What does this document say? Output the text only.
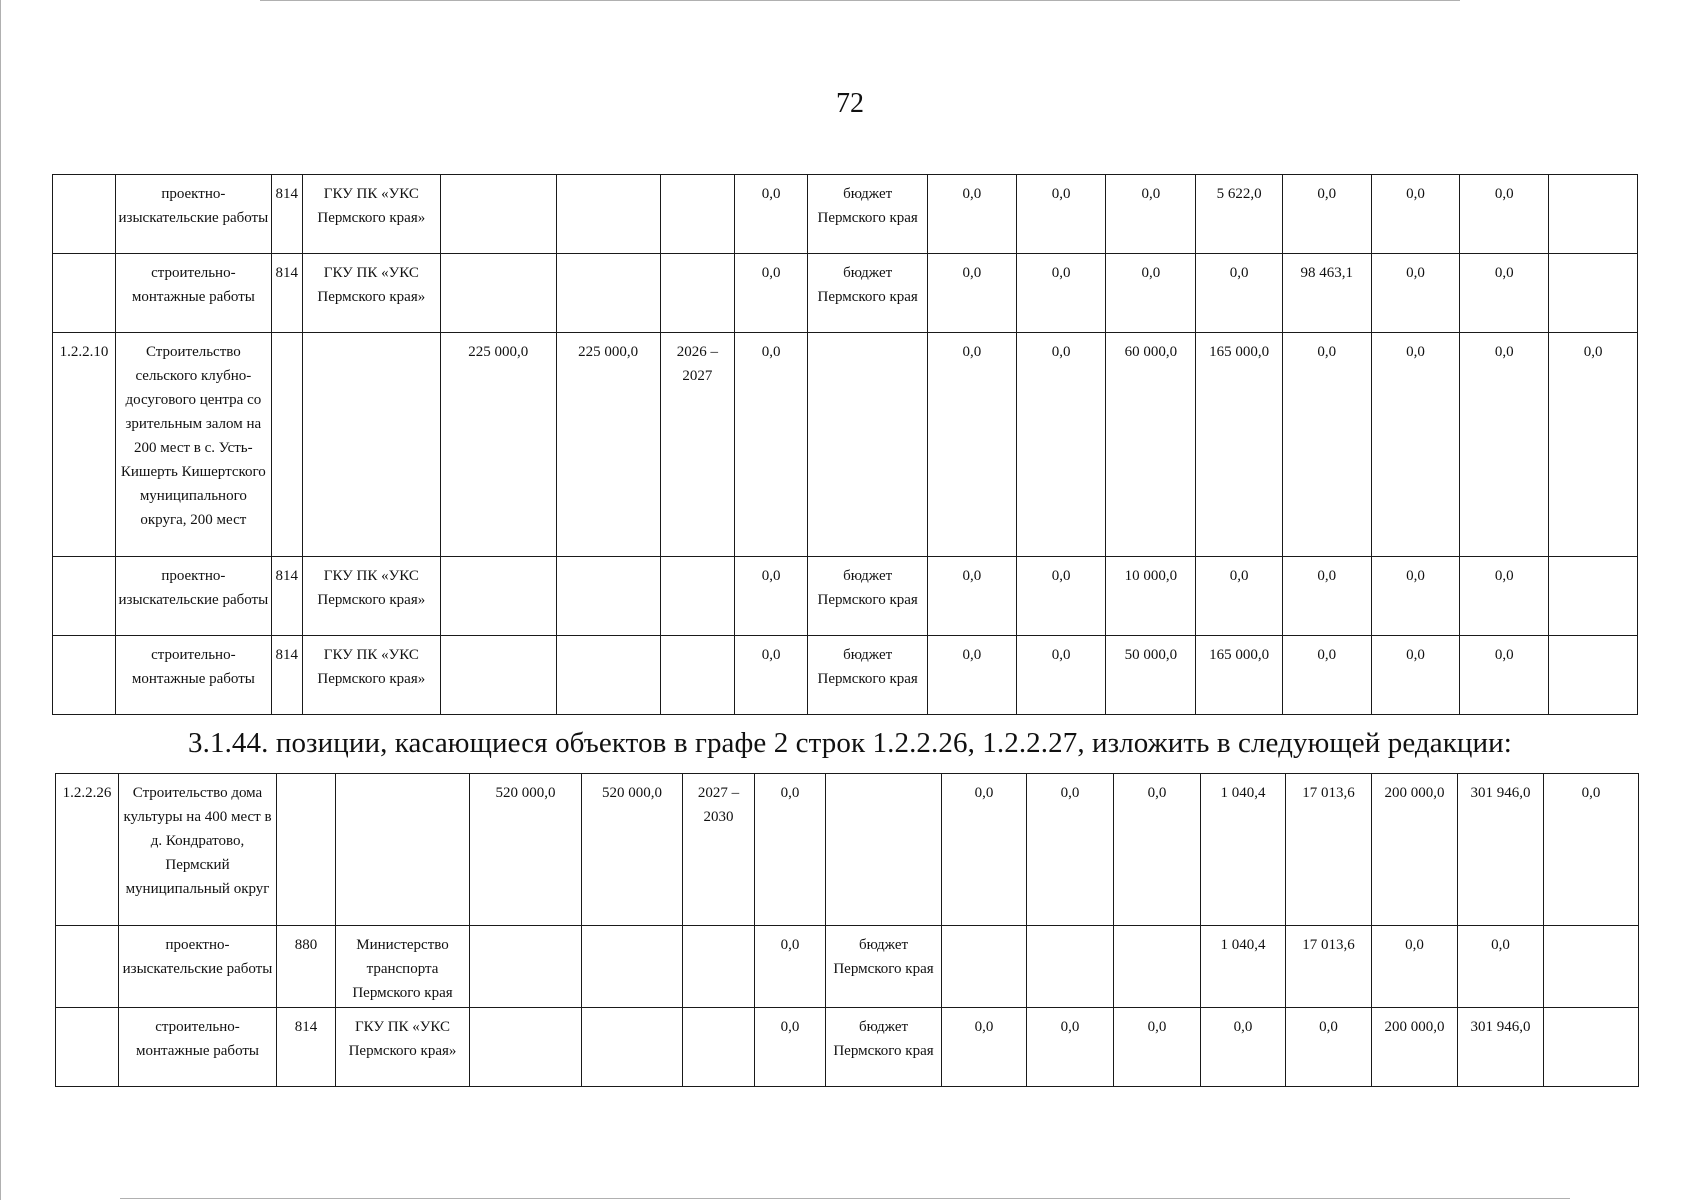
72
	проектно-изыскательские работы	814	ГКУ ПК «УКС Пермского края»				0,0	бюджет Пермского края	0,0	0,0	0,0	5 622,0	0,0	0,0	0,0	
	строительно-монтажные работы	814	ГКУ ПК «УКС Пермского края»				0,0	бюджет Пермского края	0,0	0,0	0,0	0,0	98 463,1	0,0	0,0	
1.2.2.10	Строительство сельского клубно-досугового центра со зрительным залом на 200 мест в с. Усть-Кишерть Кишертского муниципального округа, 200 мест			225 000,0	225 000,0	2026 – 2027	0,0		0,0	0,0	60 000,0	165 000,0	0,0	0,0	0,0	0,0
	проектно-изыскательские работы	814	ГКУ ПК «УКС Пермского края»				0,0	бюджет Пермского края	0,0	0,0	10 000,0	0,0	0,0	0,0	0,0	
	строительно-монтажные работы	814	ГКУ ПК «УКС Пермского края»				0,0	бюджет Пермского края	0,0	0,0	50 000,0	165 000,0	0,0	0,0	0,0	
3.1.44. позиции, касающиеся объектов в графе 2 строк 1.2.2.26, 1.2.2.27, изложить в следующей редакции:
1.2.2.26	Строительство дома культуры на 400 мест в д. Кондратово, Пермский муниципальный округ			520 000,0	520 000,0	2027 – 2030	0,0		0,0	0,0	0,0	1 040,4	17 013,6	200 000,0	301 946,0	0,0
	проектно-изыскательские работы	880	Министерство транспорта Пермского края				0,0	бюджет Пермского края				1 040,4	17 013,6	0,0	0,0	
	строительно-монтажные работы	814	ГКУ ПК «УКС Пермского края»				0,0	бюджет Пермского края	0,0	0,0	0,0	0,0	0,0	200 000,0	301 946,0	
